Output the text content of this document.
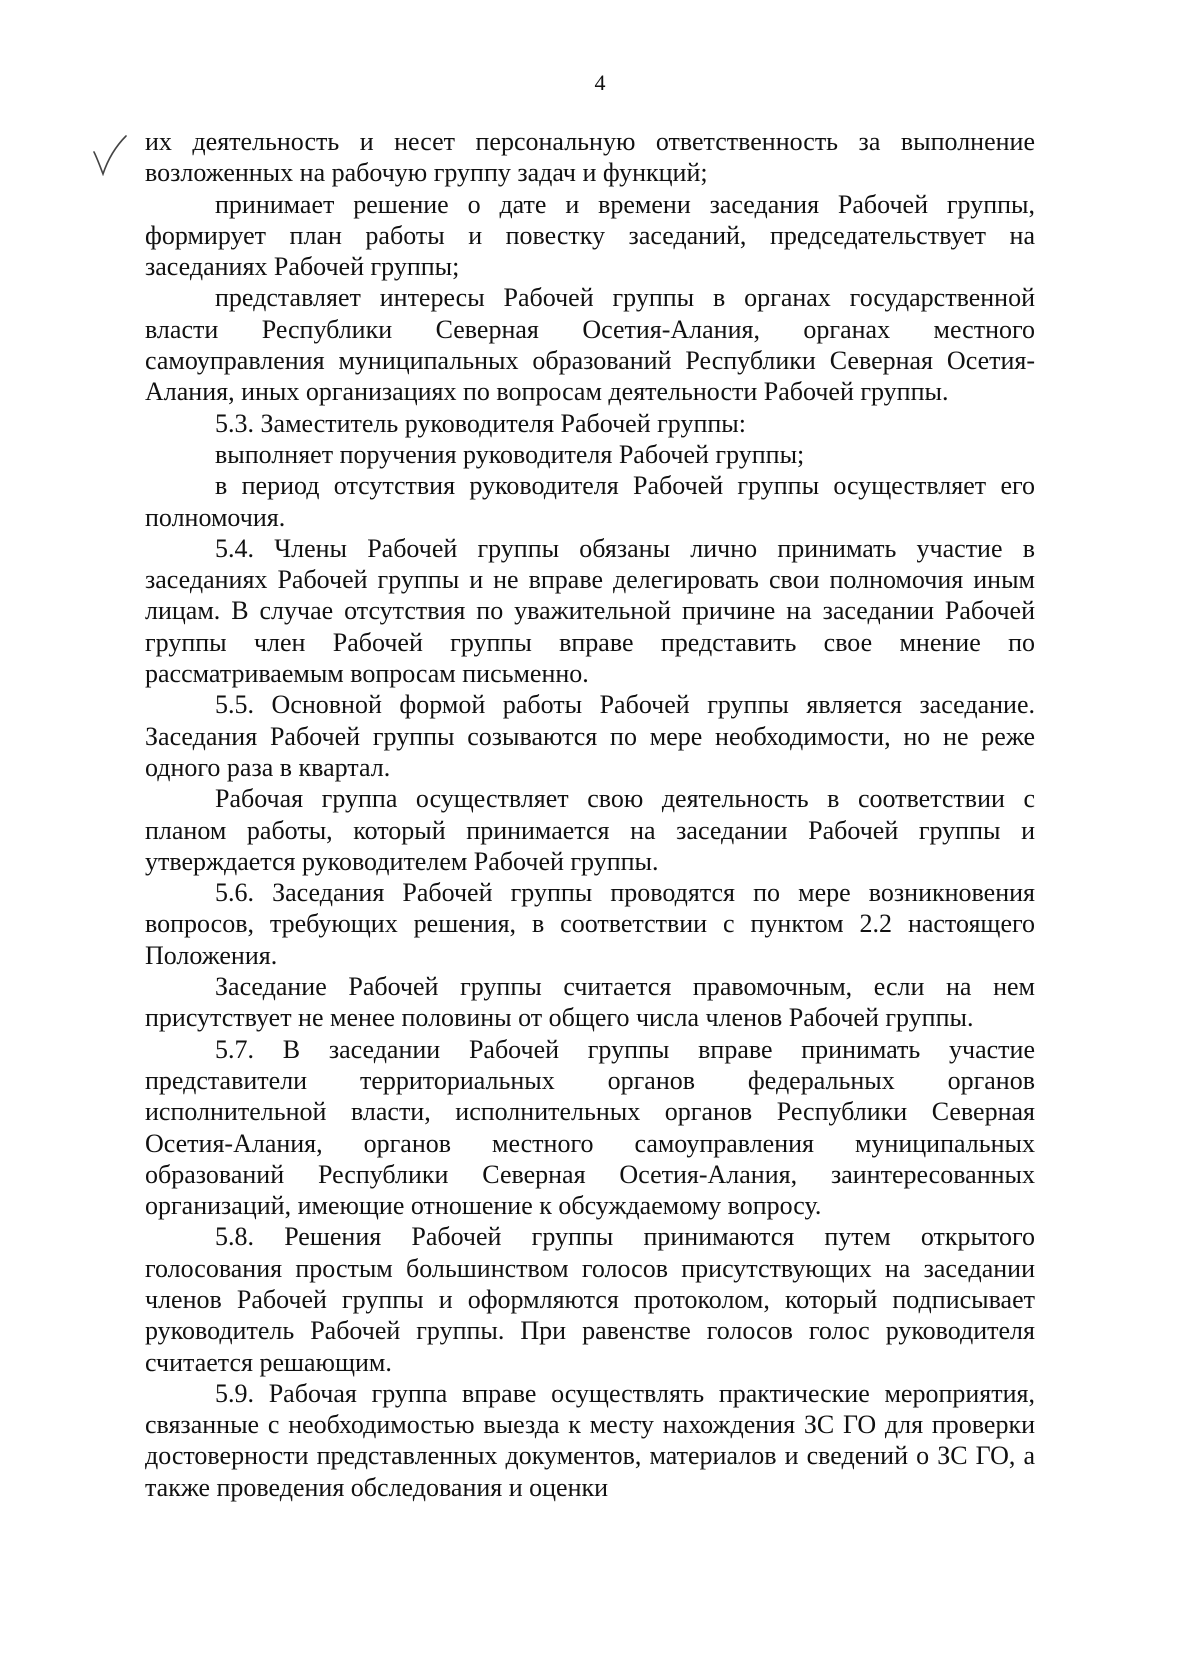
4

их деятельность и несет персональную ответственность за выполнение возложенных на рабочую группу задач и функций;

принимает решение о дате и времени заседания Рабочей группы, формирует план работы и повестку заседаний, председательствует на заседаниях Рабочей группы;

представляет интересы Рабочей группы в органах государственной власти Республики Северная Осетия-Алания, органах местного самоуправления муниципальных образований Республики Северная Осетия-Алания, иных организациях по вопросам деятельности Рабочей группы.

5.3. Заместитель руководителя Рабочей группы:

выполняет поручения руководителя Рабочей группы;

в период отсутствия руководителя Рабочей группы осуществляет его полномочия.

5.4. Члены Рабочей группы обязаны лично принимать участие в заседаниях Рабочей группы и не вправе делегировать свои полномочия иным лицам. В случае отсутствия по уважительной причине на заседании Рабочей группы член Рабочей группы вправе представить свое мнение по рассматриваемым вопросам письменно.

5.5. Основной формой работы Рабочей группы является заседание. Заседания Рабочей группы созываются по мере необходимости, но не реже одного раза в квартал.

Рабочая группа осуществляет свою деятельность в соответствии с планом работы, который принимается на заседании Рабочей группы и утверждается руководителем Рабочей группы.

5.6. Заседания Рабочей группы проводятся по мере возникновения вопросов, требующих решения, в соответствии с пунктом 2.2 настоящего Положения.

Заседание Рабочей группы считается правомочным, если на нем присутствует не менее половины от общего числа членов Рабочей группы.

5.7. В заседании Рабочей группы вправе принимать участие представители территориальных органов федеральных органов исполнительной власти, исполнительных органов Республики Северная Осетия-Алания, органов местного самоуправления муниципальных образований Республики Северная Осетия-Алания, заинтересованных организаций, имеющие отношение к обсуждаемому вопросу.

5.8. Решения Рабочей группы принимаются путем открытого голосования простым большинством голосов присутствующих на заседании членов Рабочей группы и оформляются протоколом, который подписывает руководитель Рабочей группы. При равенстве голосов голос руководителя считается решающим.

5.9. Рабочая группа вправе осуществлять практические мероприятия, связанные с необходимостью выезда к месту нахождения ЗС ГО для проверки достоверности представленных документов, материалов и сведений о ЗС ГО, а также проведения обследования и оценки
